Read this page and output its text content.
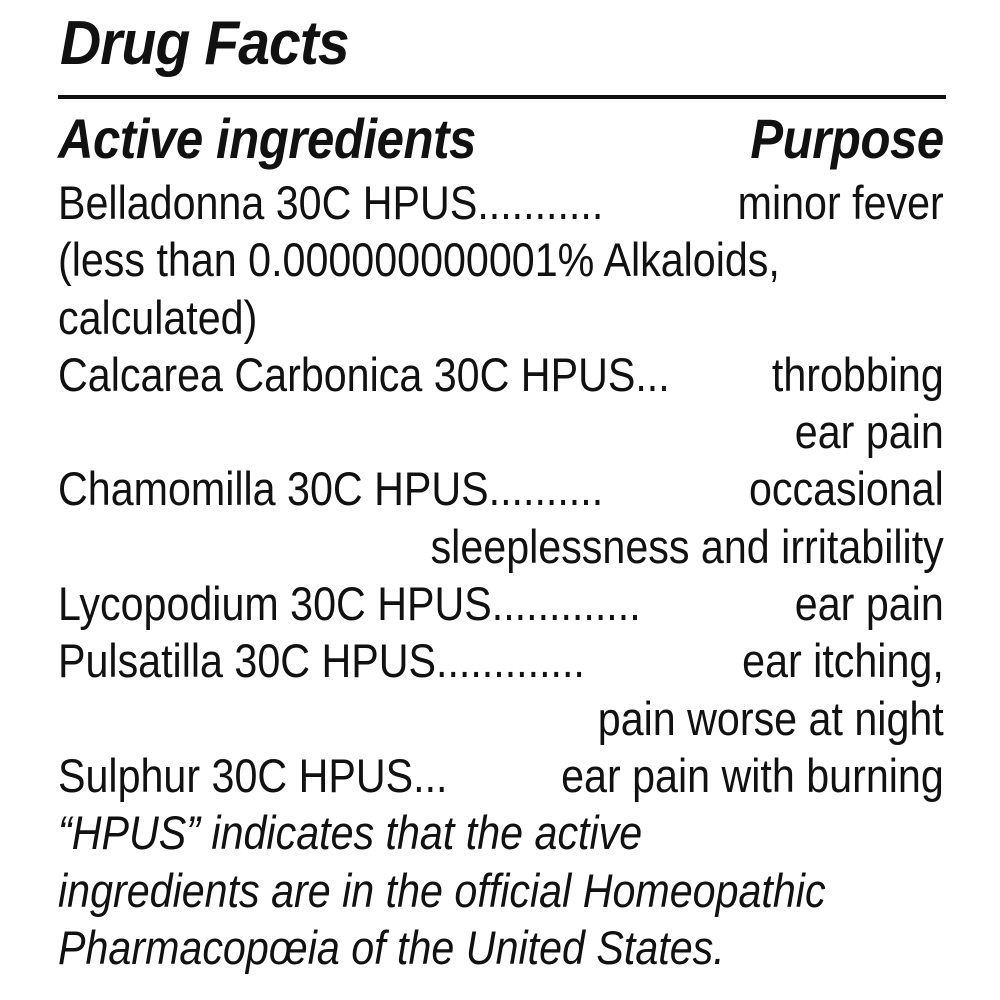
Drug Facts
Active ingredients	Purpose
Belladonna 30C HPUS...........	minor fever
(less than 0.000000000001% Alkaloids,
calculated)
Calcarea Carbonica 30C HPUS... throbbing
ear pain
Chamomilla 30C HPUS..........	occasional
sleeplessness and irritability
Lycopodium 30C HPUS.............	ear pain
Pulsatilla 30C HPUS.............	ear itching,
pain worse at night
Sulphur 30C HPUS... ear pain with burning
“HPUS” indicates that the active
ingredients are in the official Homeopathic
Pharmacopœia of the United States.
